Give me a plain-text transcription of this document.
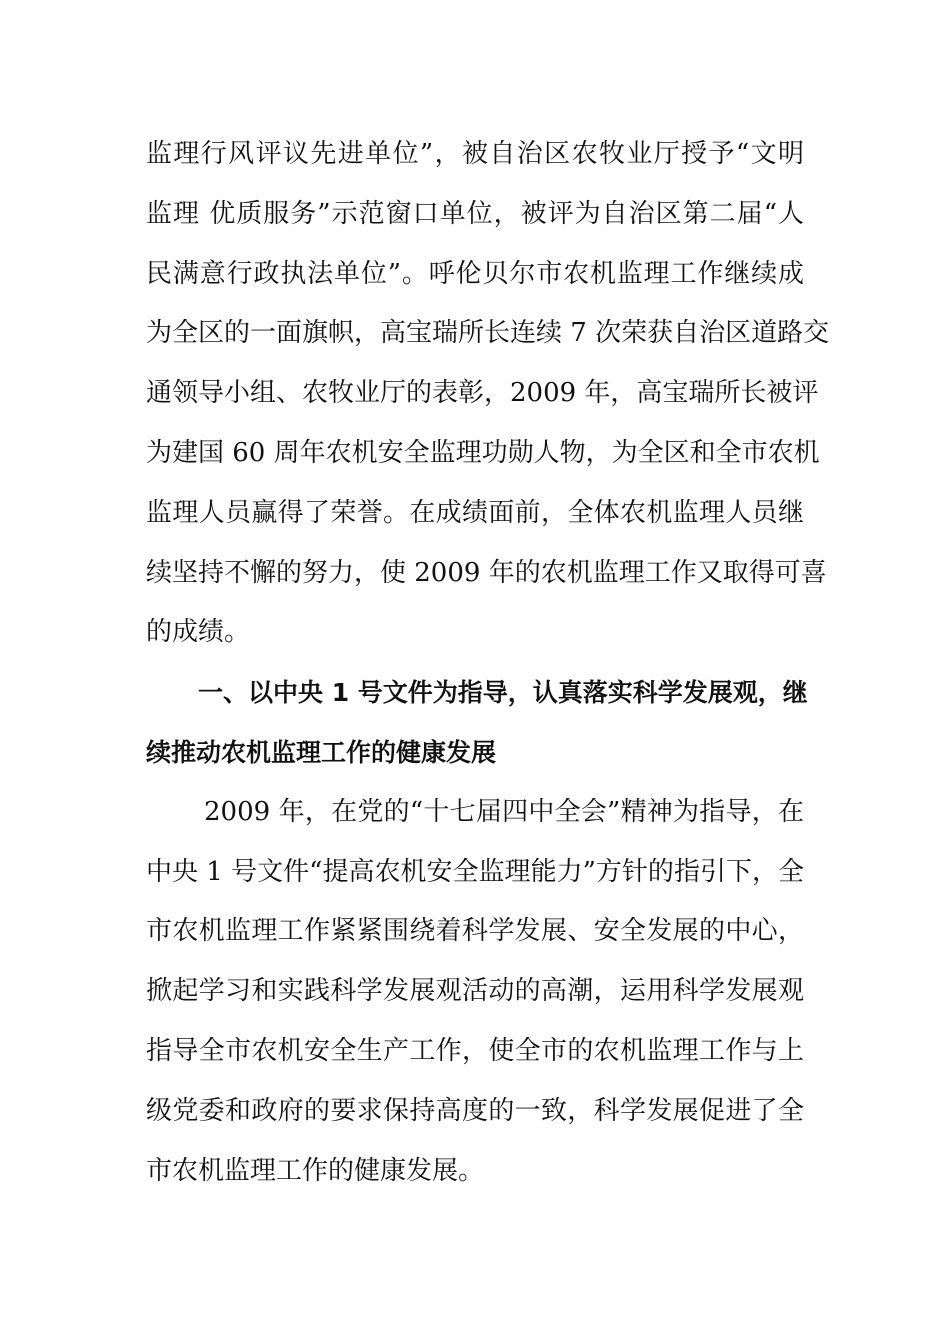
监理行风评议先进单位”，被自治区农牧业厅授予“文明
监理 优质服务”示范窗口单位，被评为自治区第二届“人
民满意行政执法单位”。呼伦贝尔市农机监理工作继续成
为全区的一面旗帜，高宝瑞所长连续 7 次荣获自治区道路交
通领导小组、农牧业厅的表彰，2009 年，高宝瑞所长被评
为建国 60 周年农机安全监理功勋人物，为全区和全市农机
监理人员赢得了荣誉。在成绩面前，全体农机监理人员继
续坚持不懈的努力，使 2009 年的农机监理工作又取得可喜
的成绩。
一、以中央 1 号文件为指导，认真落实科学发展观，继
续推动农机监理工作的健康发展
2009 年，在党的“十七届四中全会”精神为指导，在
中央 1 号文件“提高农机安全监理能力”方针的指引下，全
市农机监理工作紧紧围绕着科学发展、安全发展的中心，
掀起学习和实践科学发展观活动的高潮，运用科学发展观
指导全市农机安全生产工作，使全市的农机监理工作与上
级党委和政府的要求保持高度的一致，科学发展促进了全
市农机监理工作的健康发展。
